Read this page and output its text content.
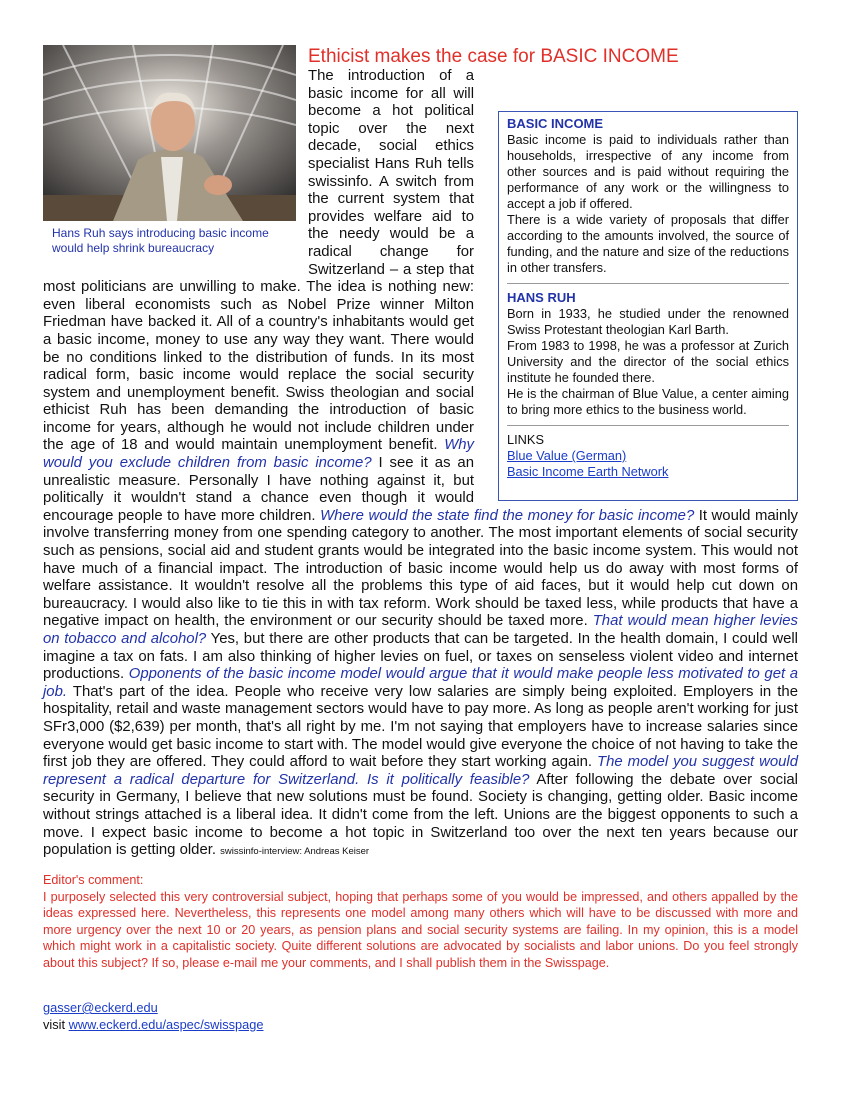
Hans Ruh says introducing basic income
would help shrink bureaucracy
Ethicist makes the case for BASIC INCOME

The introduction of a basic income for all will become a hot political topic over the next decade, social ethics specialist Hans Ruh tells swissinfo. A switch from the current system that provides welfare aid to the needy would be a radical change for Switzerland – a step that most politicians are unwilling to make. The idea is nothing new: even liberal economists such as Nobel Prize winner Milton Friedman have backed it. All of a country's inhabitants would get a basic income, money to use any way they want. There would be no conditions linked to the distribution of funds. In its most radical form, basic income would replace the social security system and unemployment benefit. Swiss theologian and social ethicist Ruh has been demanding the introduction of basic income for years, although he would not include children under the age of 18 and would maintain unemployment benefit. Why would you exclude children from basic income? I see it as an unrealistic measure. Personally I have nothing against it, but politically it wouldn't stand a chance even though it would encourage people to have more children. Where would the state find the money for basic income? It would mainly involve transferring money from one spending category to another. The most important elements of social security such as pensions, social aid and student grants would be integrated into the basic income system. This would not have much of a financial impact. The introduction of basic income would help us do away with most forms of welfare assistance. It wouldn't resolve all the problems this type of aid faces, but it would help cut down on bureaucracy. I would also like to tie this in with tax reform. Work should be taxed less, while products that have a negative impact on health, the environment or our security should be taxed more. That would mean higher levies on tobacco and alcohol? Yes, but there are other products that can be targeted. In the health domain, I could well imagine a tax on fats. I am also thinking of higher levies on fuel, or taxes on senseless violent video and internet productions. Opponents of the basic income model would argue that it would make people less motivated to get a job. That's part of the idea. People who receive very low salaries are simply being exploited. Employers in the hospitality, retail and waste management sectors would have to pay more. As long as people aren't working for just SFr3,000 ($2,639) per month, that's all right by me. I'm not saying that employers have to increase salaries since everyone would get basic income to start with. The model would give everyone the choice of not having to take the first job they are offered. They could afford to wait before they start working again. The model you suggest would represent a radical departure for Switzerland. Is it politically feasible? After following the debate over social security in Germany, I believe that new solutions must be found. Society is changing, getting older. Basic income without strings attached is a liberal idea. It didn't come from the left. Unions are the biggest opponents to such a move. I expect basic income to become a hot topic in Switzerland too over the next ten years because our population is getting older. swissinfo-interview: Andreas Keiser

BASIC INCOME

Basic income is paid to individuals rather than households, irrespective of any income from other sources and is paid without requiring the performance of any work or the willingness to accept a job if offered.

There is a wide variety of proposals that differ according to the amounts involved, the source of funding, and the nature and size of the reductions in other transfers.

HANS RUH

Born in 1933, he studied under the renowned Swiss Protestant theologian Karl Barth.

From 1983 to 1998, he was a professor at Zurich University and the director of the social ethics institute he founded there.

He is the chairman of Blue Value, a center aiming to bring more ethics to the business world.

LINKS
Blue Value (German)
Basic Income Earth Network

Editor's comment:

I purposely selected this very controversial subject, hoping that perhaps some of you would be impressed, and others appalled by the ideas expressed here. Nevertheless, this represents one model among many others which will have to be discussed with more and more urgency over the next 10 or 20 years, as pension plans and social security systems are failing. In my opinion, this is a model which might work in a capitalistic society. Quite different solutions are advocated by socialists and labor unions. Do you feel strongly about this subject? If so, please e-mail me your comments, and I shall publish them in the Swisspage.

gasser@eckerd.edu
visit www.eckerd.edu/aspec/swisspage
